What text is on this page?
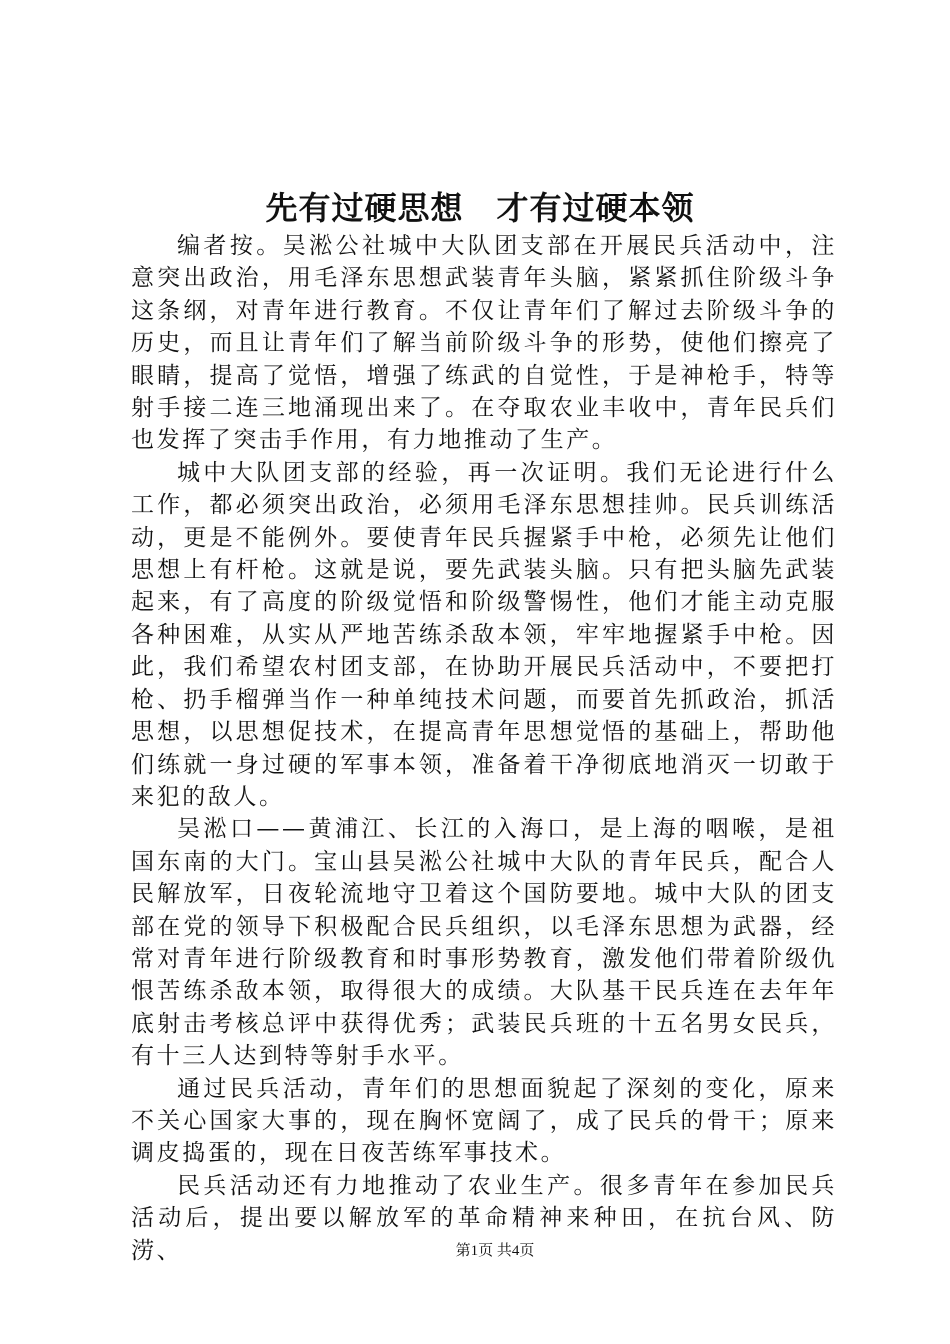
先有过硬思想　才有过硬本领

编者按。吴淞公社城中大队团支部在开展民兵活动中，注意突出政治，用毛泽东思想武装青年头脑，紧紧抓住阶级斗争这条纲，对青年进行教育。不仅让青年们了解过去阶级斗争的历史，而且让青年们了解当前阶级斗争的形势，使他们擦亮了眼睛，提高了觉悟，增强了练武的自觉性，于是神枪手，特等射手接二连三地涌现出来了。在夺取农业丰收中，青年民兵们也发挥了突击手作用，有力地推动了生产。

城中大队团支部的经验，再一次证明。我们无论进行什么工作，都必须突出政治，必须用毛泽东思想挂帅。民兵训练活动，更是不能例外。要使青年民兵握紧手中枪，必须先让他们思想上有杆枪。这就是说，要先武装头脑。只有把头脑先武装起来，有了高度的阶级觉悟和阶级警惕性，他们才能主动克服各种困难，从实从严地苦练杀敌本领，牢牢地握紧手中枪。因此，我们希望农村团支部，在协助开展民兵活动中，不要把打枪、扔手榴弹当作一种单纯技术问题，而要首先抓政治，抓活思想，以思想促技术，在提高青年思想觉悟的基础上，帮助他们练就一身过硬的军事本领，准备着干净彻底地消灭一切敢于来犯的敌人。

吴淞口——黄浦江、长江的入海口，是上海的咽喉，是祖国东南的大门。宝山县吴淞公社城中大队的青年民兵，配合人民解放军，日夜轮流地守卫着这个国防要地。城中大队的团支部在党的领导下积极配合民兵组织，以毛泽东思想为武器，经常对青年进行阶级教育和时事形势教育，激发他们带着阶级仇恨苦练杀敌本领，取得很大的成绩。大队基干民兵连在去年年底射击考核总评中获得优秀；武装民兵班的十五名男女民兵，有十三人达到特等射手水平。

通过民兵活动，青年们的思想面貌起了深刻的变化，原来不关心国家大事的，现在胸怀宽阔了，成了民兵的骨干；原来调皮捣蛋的，现在日夜苦练军事技术。

民兵活动还有力地推动了农业生产。很多青年在参加民兵活动后，提出要以解放军的革命精神来种田，在抗台风、防涝、	第1页 共4页
